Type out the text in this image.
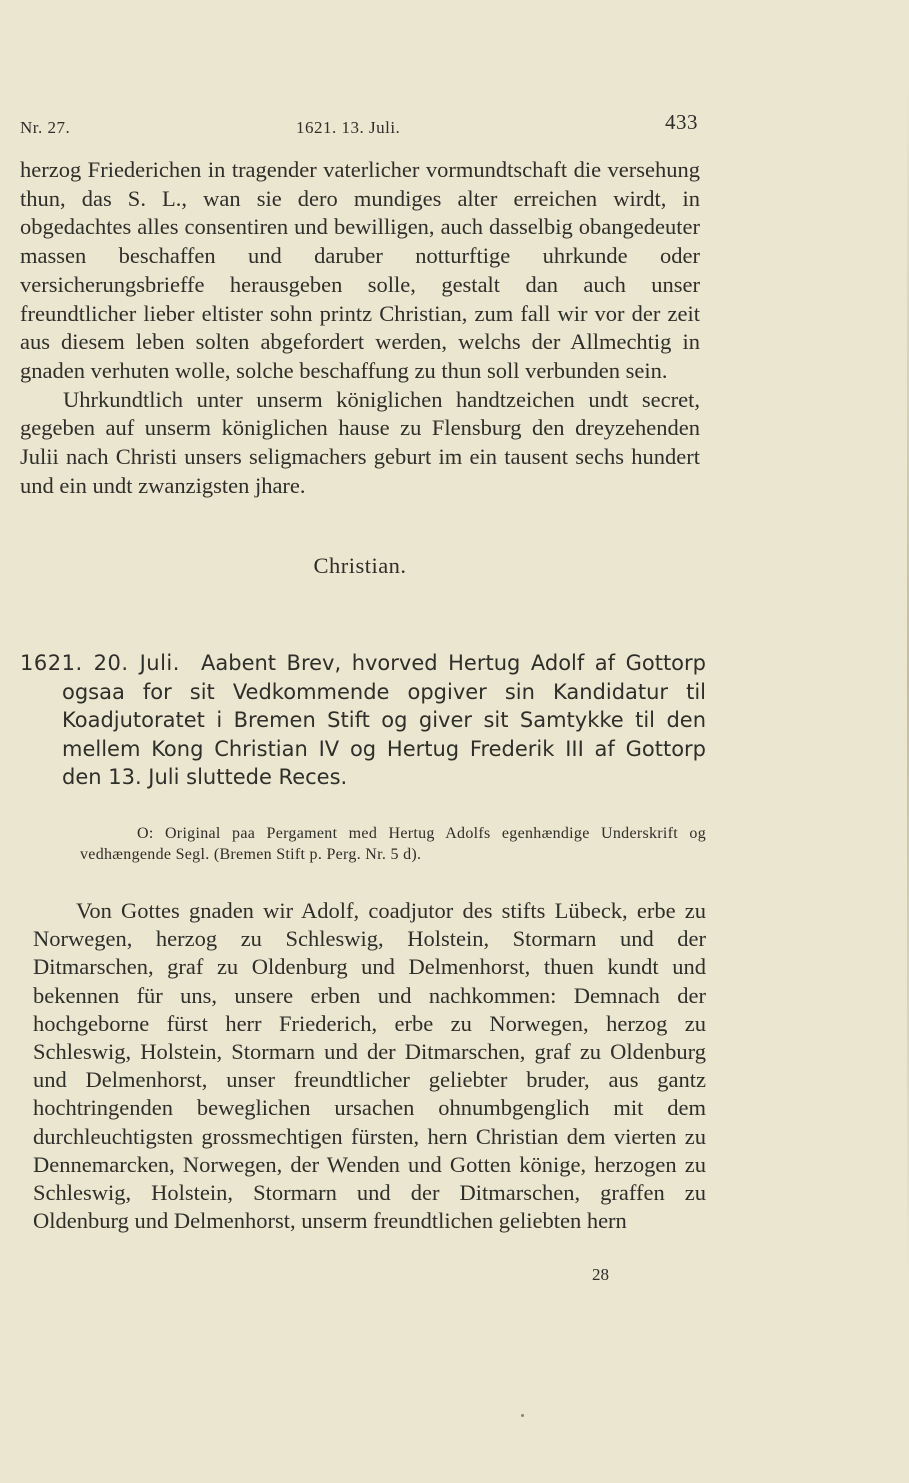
Nr. 27.	1621. 13. Juli.	433

herzog Friederichen in tragender vaterlicher vormundtschaft die versehung thun, das S. L., wan sie dero mundiges alter erreichen wirdt, in obgedachtes alles consentiren und bewilligen, auch dasselbig obangedeuter massen beschaffen und daruber notturftige uhrkunde oder versicherungsbrieffe herausgeben solle, gestalt dan auch unser freundtlicher lieber eltister sohn printz Christian, zum fall wir vor der zeit aus diesem leben solten abgefordert werden, welchs der Allmechtig in gnaden verhuten wolle, solche beschaffung zu thun soll verbunden sein.

Uhrkundtlich unter unserm königlichen handtzeichen undt secret, gegeben auf unserm königlichen hause zu Flensburg den dreyzehenden Julii nach Christi unsers seligmachers geburt im ein tausent sechs hundert und ein undt zwanzigsten jhare.

Christian.
1621. 20. Juli. Aabent Brev, hvorved Hertug Adolf af Gottorp ogsaa for sit Vedkommende opgiver sin Kandidatur til Koadjutoratet i Bremen Stift og giver sit Samtykke til den mellem Kong Christian IV og Hertug Frederik III af Gottorp den 13. Juli sluttede Reces.

O: Original paa Pergament med Hertug Adolfs egenhændige Underskrift og vedhængende Segl. (Bremen Stift p. Perg. Nr. 5 d).

Von Gottes gnaden wir Adolf, coadjutor des stifts Lübeck, erbe zu Norwegen, herzog zu Schleswig, Holstein, Stormarn und der Ditmarschen, graf zu Oldenburg und Delmenhorst, thuen kundt und bekennen für uns, unsere erben und nachkommen: Demnach der hochgeborne fürst herr Friederich, erbe zu Norwegen, herzog zu Schleswig, Holstein, Stormarn und der Ditmarschen, graf zu Oldenburg und Delmenhorst, unser freundtlicher geliebter bruder, aus gantz hochtringenden beweglichen ursachen ohnumbgenglich mit dem durchleuchtigsten grossmechtigen fürsten, hern Christian dem vierten zu Dennemarcken, Norwegen, der Wenden und Gotten könige, herzogen zu Schleswig, Holstein, Stormarn und der Ditmarschen, graffen zu Oldenburg und Delmenhorst, unserm freundtlichen geliebten hern

28
